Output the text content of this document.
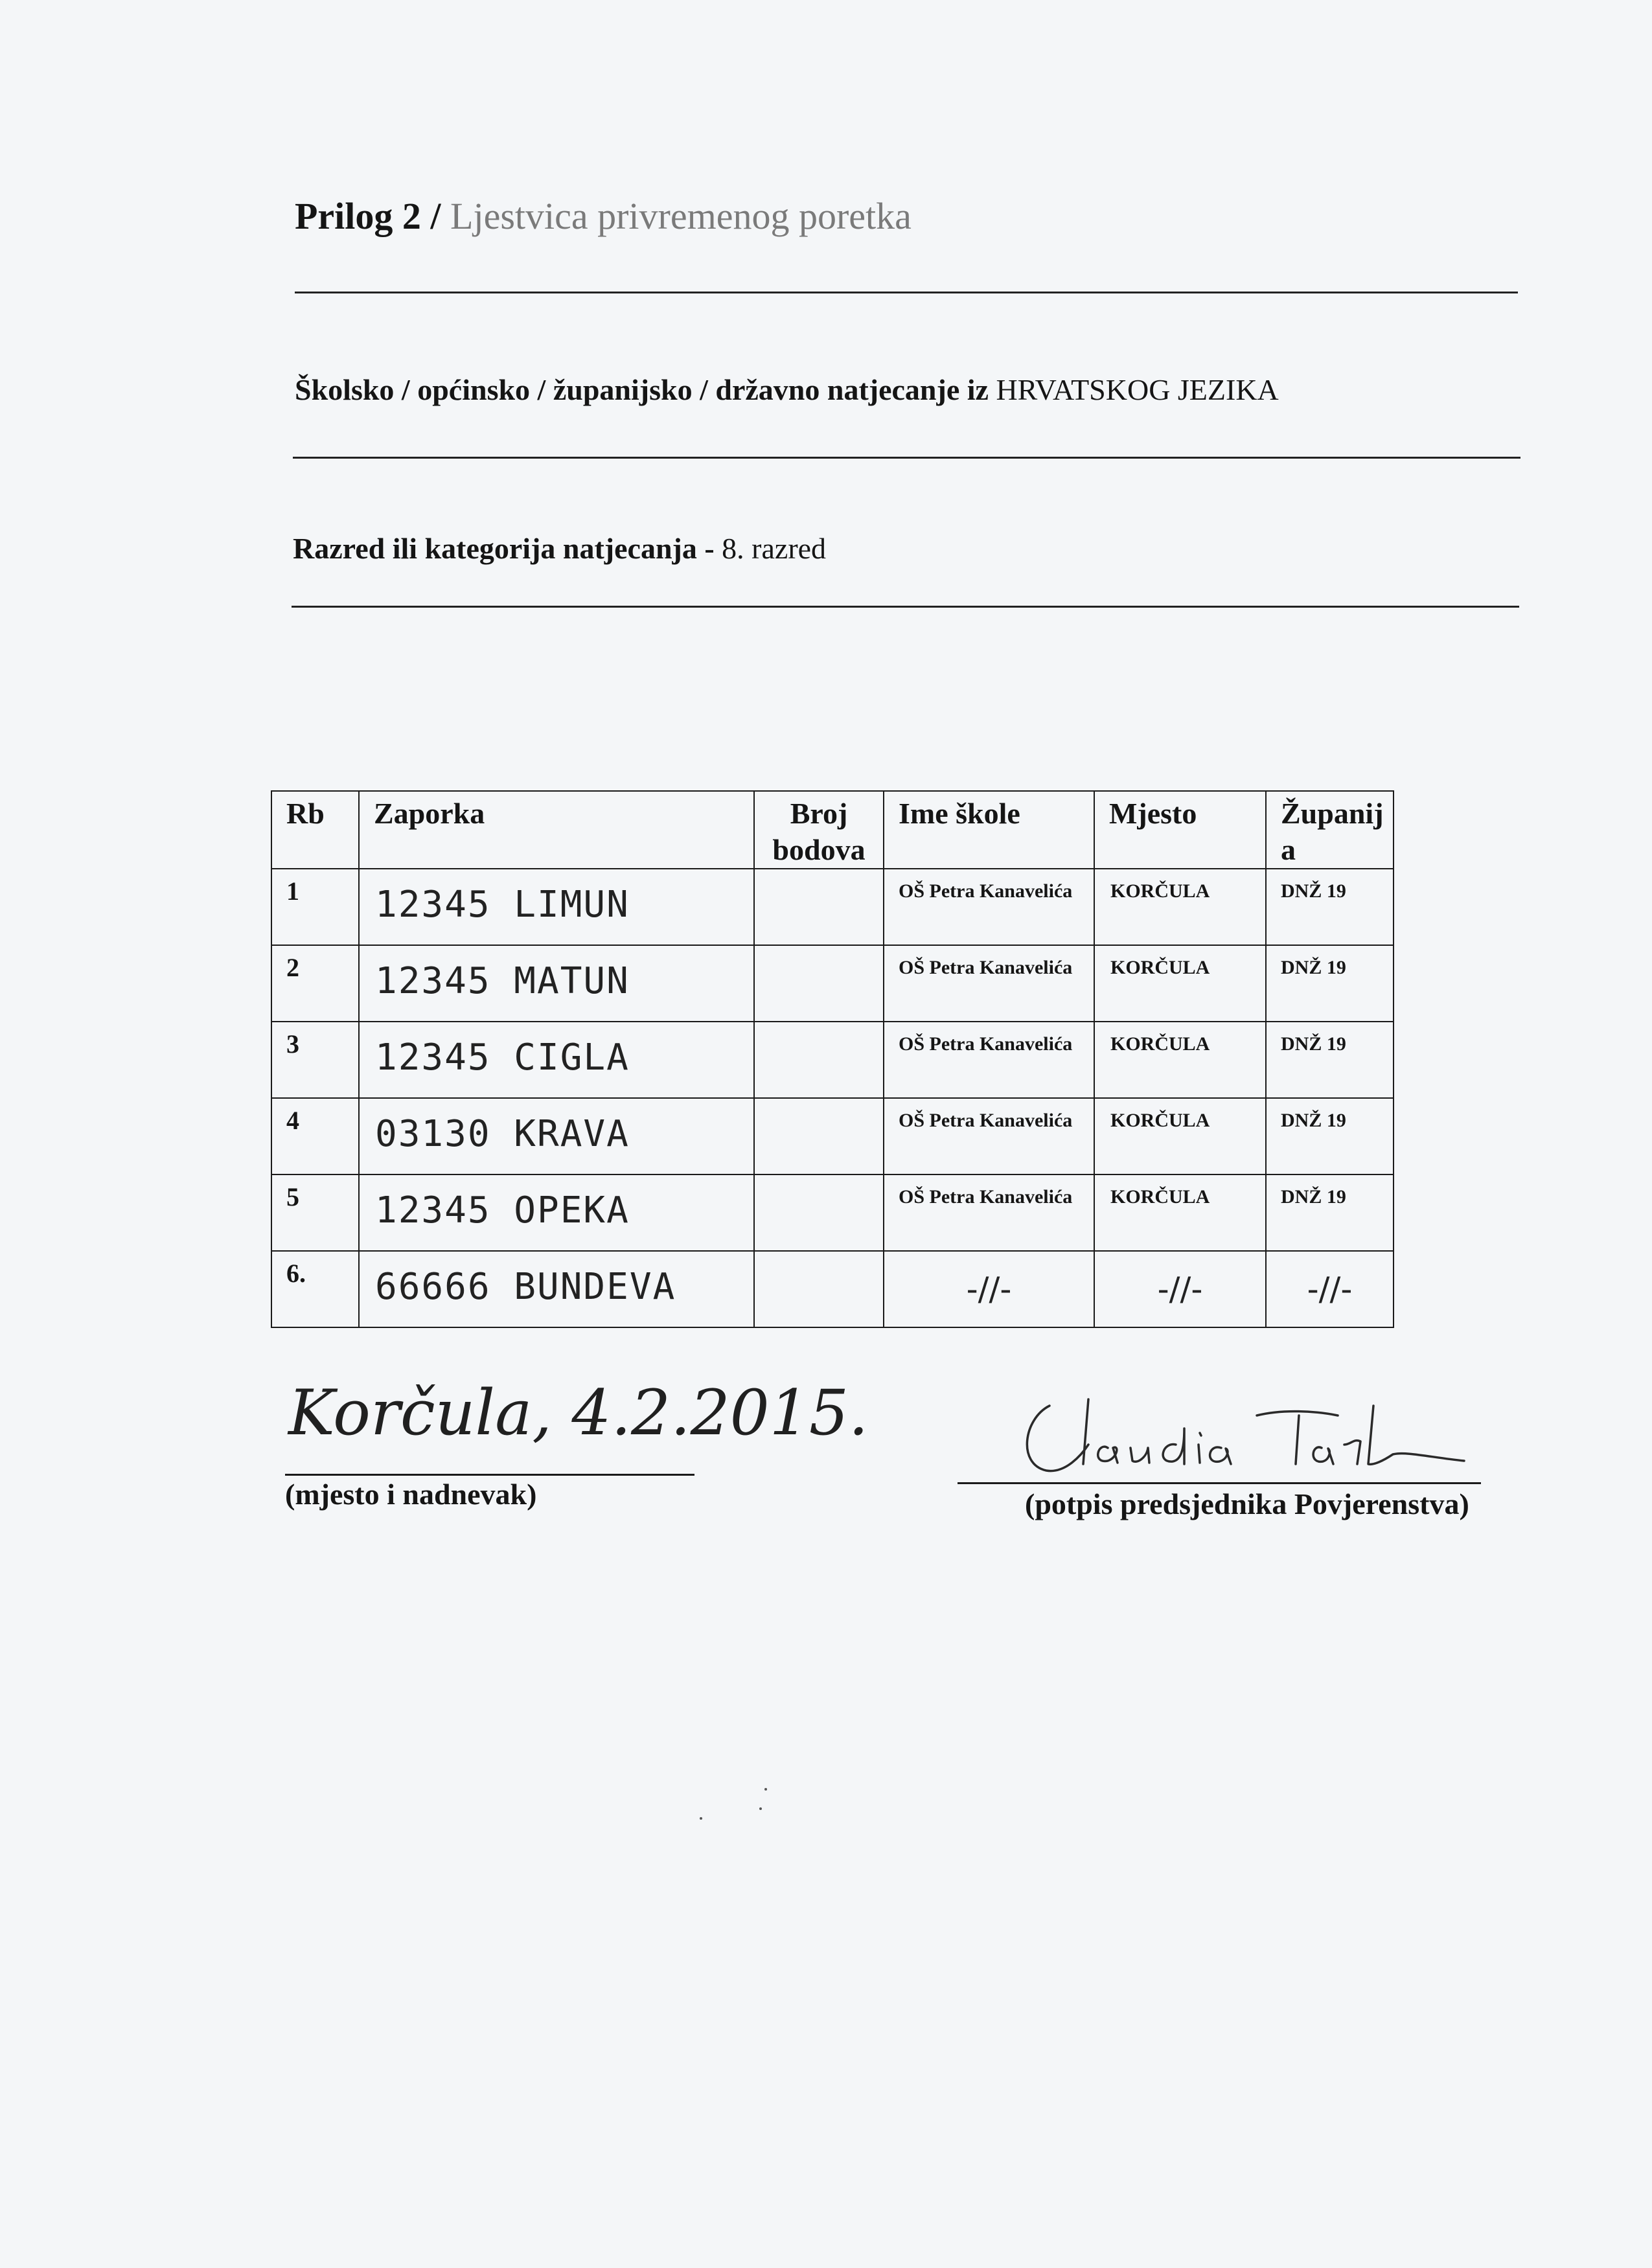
Prilog 2 / Ljestvica privremenog poretka
Školsko / općinsko / županijsko / državno natjecanje iz HRVATSKOG JEZIKA
Razred ili kategorija natjecanja - 8. razred
Rb	Zaporka	Broj bodova	Ime škole	Mjesto	Županija
1	12345 LIMUN		OŠ Petra Kanavelića	KORČULA	DNŽ 19
2	12345 MATUN		OŠ Petra Kanavelića	KORČULA	DNŽ 19
3	12345 CIGLA		OŠ Petra Kanavelića	KORČULA	DNŽ 19
4	03130 KRAVA		OŠ Petra Kanavelića	KORČULA	DNŽ 19
5	12345 OPEKA		OŠ Petra Kanavelića	KORČULA	DNŽ 19
6.	66666 BUNDEVA		-//-	-//-	-//-
Korčula, 4.2.2015.
(mjesto i nadnevak)	(potpis predsjednika Povjerenstva)
